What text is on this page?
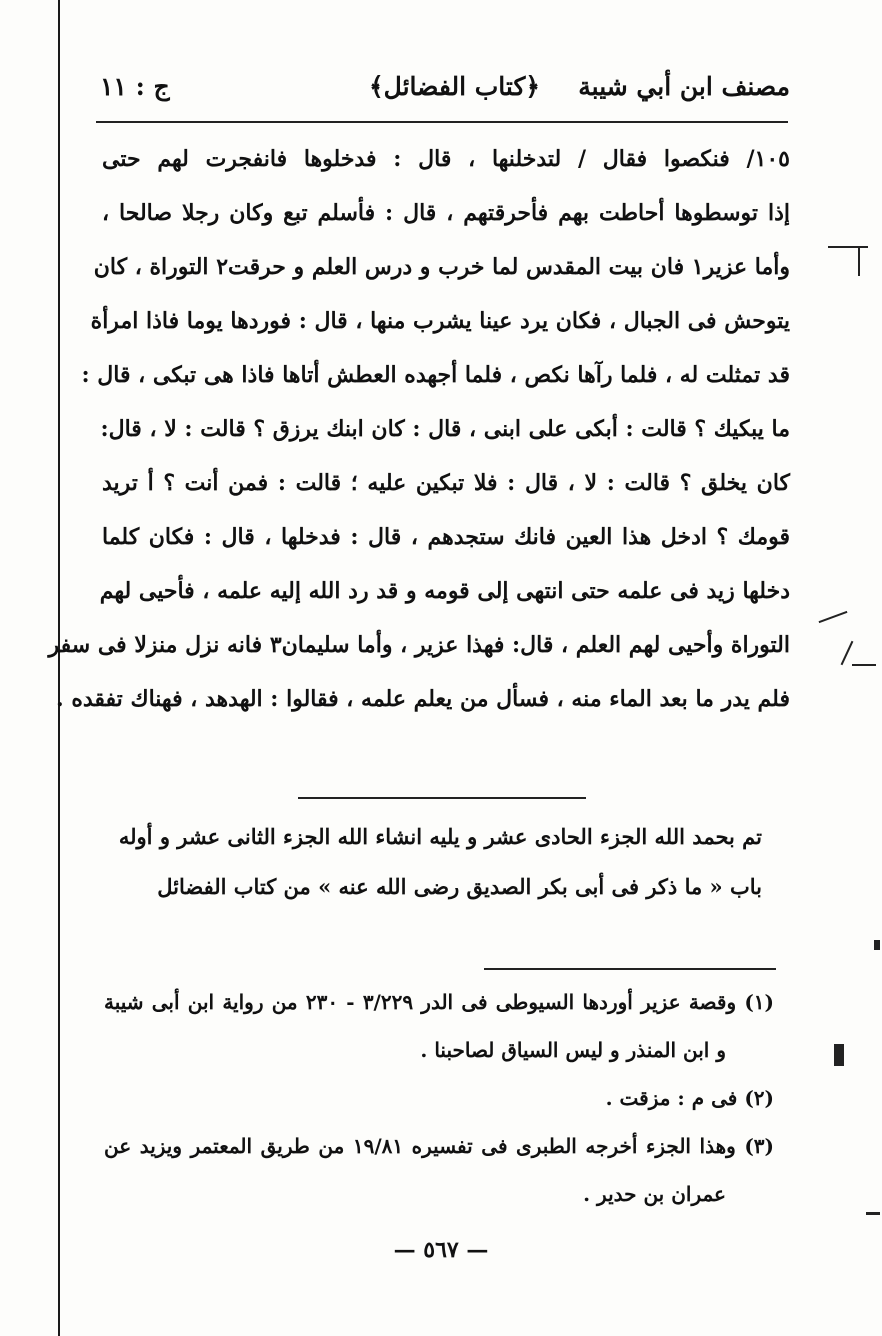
مصنف ابن أبي شيبة
﴿كتاب الفضائل﴾
ج : ١١
١٠٥/ فنكصوا فقال / لتدخلنها ، قال : فدخلوها فانفجرت لهم حتى
إذا توسطوها أحاطت بهم فأحرقتهم ، قال : فأسلم تبع وكان رجلا صالحا ،
وأما عزير١ فان بيت المقدس لما خرب و درس العلم و حرقت٢ التوراة ، كان
يتوحش فى الجبال ، فكان يرد عينا يشرب منها ، قال : فوردها يوما فاذا امرأة
قد تمثلت له ، فلما رآها نكص ، فلما أجهده العطش أتاها فاذا هى تبكى ، قال :
ما يبكيك ؟ قالت : أبكى على ابنى ، قال : كان ابنك يرزق ؟ قالت : لا ، قال:
كان يخلق ؟ قالت : لا ، قال : فلا تبكين عليه ؛ قالت : فمن أنت ؟ أ تريد
قومك ؟ ادخل هذا العين فانك ستجدهم ، قال : فدخلها ، قال : فكان كلما
دخلها زيد فى علمه حتى انتهى إلى قومه و قد رد الله إليه علمه ، فأحيى لهم
التوراة وأحيى لهم العلم ، قال: فهذا عزير ، وأما سليمان٣ فانه نزل منزلا فى سفر
فلم يدر ما بعد الماء منه ، فسأل من يعلم علمه ، فقالوا : الهدهد ، فهناك تفقده .
تم بحمد الله الجزء الحادى عشر و يليه انشاء الله الجزء الثانى عشر و أوله
باب « ما ذكر فى أبى بكر الصديق رضى الله عنه » من كتاب الفضائل
(١) وقصة عزير أوردها السيوطى فى الدر ٣/٢٢٩ - ٢٣٠ من رواية ابن أبى شيبة
و ابن المنذر و ليس السياق لصاحبنا .
(٢) فى م : مزقت .
(٣) وهذا الجزء أخرجه الطبرى فى تفسيره ١٩/٨١ من طريق المعتمر ويزيد عن
عمران بن حدير .
— ٥٦٧ —
